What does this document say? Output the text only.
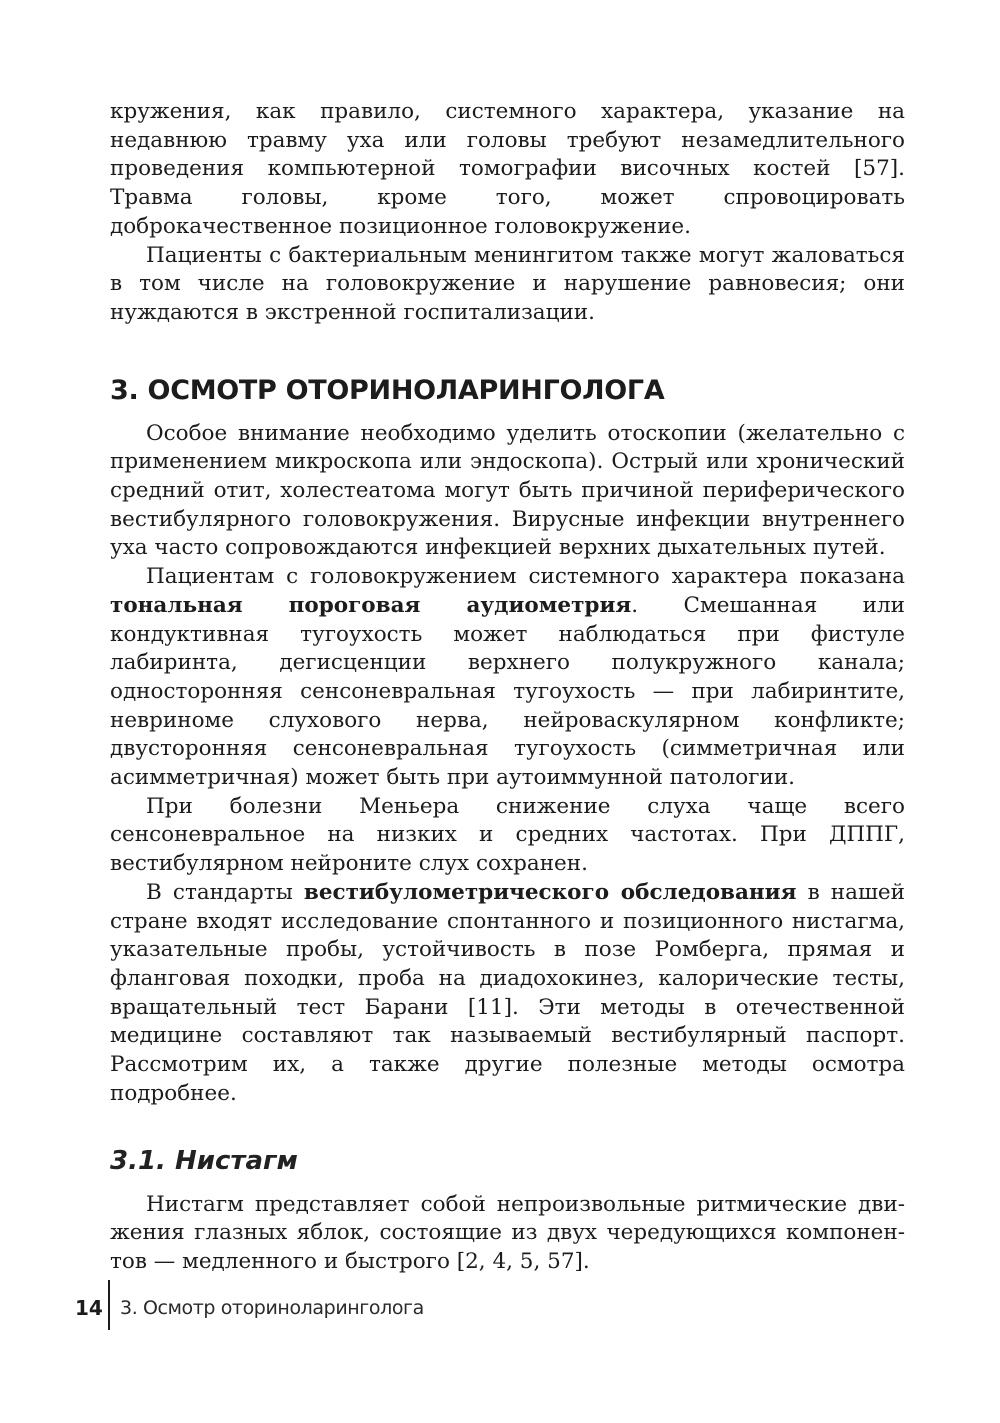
кружения, как правило, системного характера, указание на недавнюю травму уха или головы требуют незамедлительного проведения компьютерной томографии височных костей [57]. Травма головы, кроме того, может спровоцировать доброкачественное позиционное головокружение.

Пациенты с бактериальным менингитом также могут жаловаться в том числе на головокружение и нарушение равновесия; они нуждаются в экстренной госпитализации.

3. ОСМОТР ОТОРИНОЛАРИНГОЛОГА

Особое внимание необходимо уделить отоскопии (желательно с применением микроскопа или эндоскопа). Острый или хронический средний отит, холестеатома могут быть причиной периферического вестибулярного головокружения. Вирусные инфекции внутреннего уха часто сопровождаются инфекцией верхних дыхательных путей.

Пациентам с головокружением системного характера показана тональная пороговая аудиометрия. Смешанная или кондуктивная тугоухость может наблюдаться при фистуле лабиринта, дегисценции верхнего полукружного канала; односторонняя сенсоневральная тугоухость — при лабиринтите, невриноме слухового нерва, нейроваскулярном конфликте; двусторонняя сенсоневральная тугоухость (симметричная или асимметричная) может быть при аутоиммунной патологии.

При болезни Меньера снижение слуха чаще всего сенсоневральное на низких и средних частотах. При ДППГ, вестибулярном нейроните слух сохранен.

В стандарты вестибулометрического обследования в нашей стране входят исследование спонтанного и позиционного нистагма, указательные пробы, устойчивость в позе Ромберга, прямая и фланговая походки, проба на диадохокинез, калорические тесты, вращательный тест Барани [11]. Эти методы в отечественной медицине составляют так называемый вестибулярный паспорт. Рассмотрим их, а также другие полезные методы осмотра подробнее.

3.1. Нистагм

Нистагм представляет собой непроизвольные ритмические движения глазных яблок, состоящие из двух чередующихся компонентов — медленного и быстрого [2, 4, 5, 57].

14 3. Осмотр оториноларинголога
